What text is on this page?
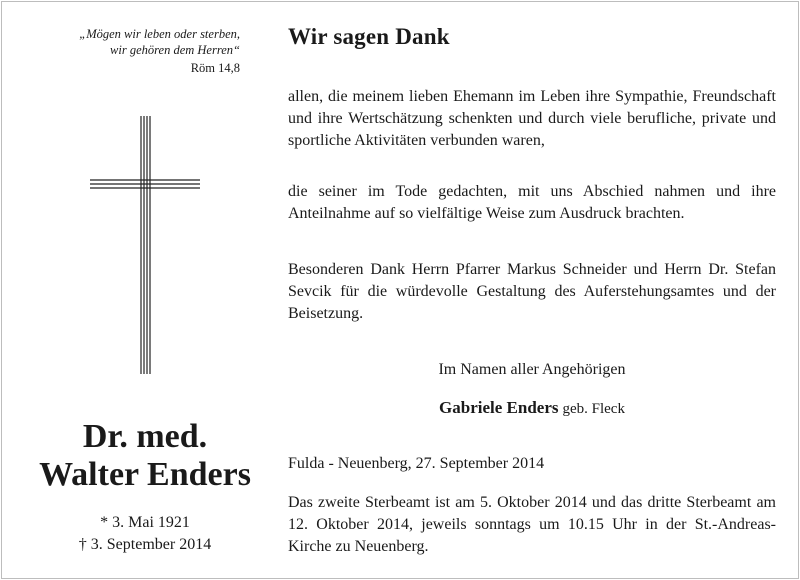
„Mögen wir leben oder sterben,
wir gehören dem Herren“
Röm 14,8
Dr. med.
Walter Enders
* 3. Mai 1921
† 3. September 2014
Wir sagen Dank
allen, die meinem lieben Ehemann im Leben ihre Sympathie, Freundschaft und ihre Wertschätzung schenkten und durch viele berufliche, private und sportliche Aktivitäten verbunden waren,
die seiner im Tode gedachten, mit uns Abschied nahmen und ihre Anteilnahme auf so vielfältige Weise zum Ausdruck brachten.
Besonderen Dank Herrn Pfarrer Markus Schneider und Herrn Dr. Stefan Sevcik für die würdevolle Gestaltung des Auferstehungsamtes und der Beisetzung.
Im Namen aller Angehörigen
Gabriele Enders geb. Fleck
Fulda - Neuenberg, 27. September 2014
Das zweite Sterbeamt ist am 5. Oktober 2014 und das dritte Sterbeamt am 12. Oktober 2014, jeweils sonntags um 10.15 Uhr in der St.-Andreas-Kirche zu Neuenberg.
